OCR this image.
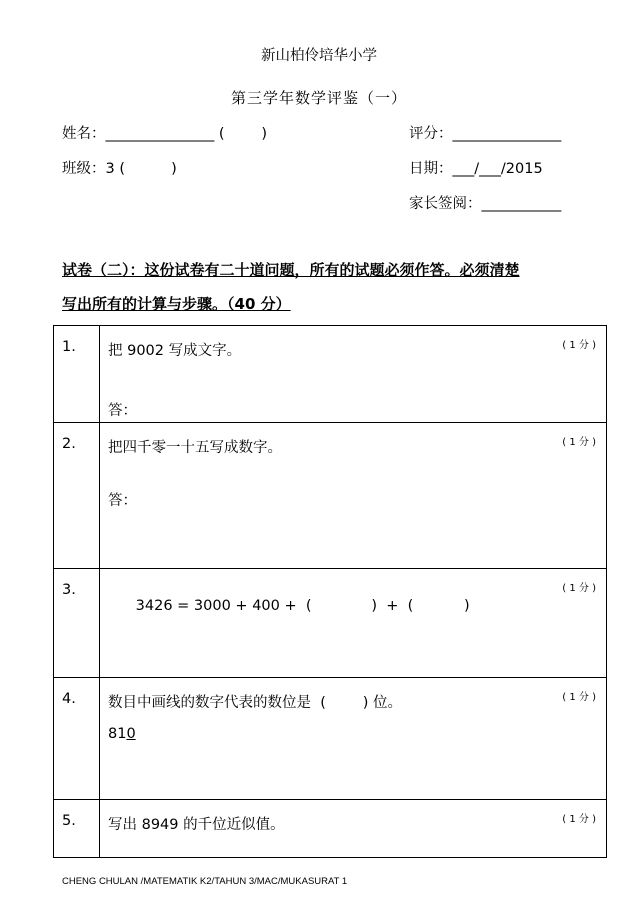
新山柏伶培华小学
第三学年数学评鉴（一）
姓名：_______________ (        )	评分：_______________
班级：3 (          )	日期：___/___/2015
家长签阅：___________
试卷（二）：这份试卷有二十道问题，所有的试题必须作答。必须清楚
写出所有的计算与步骤。（40 分）
1.	把 9002 写成文字。 ( 1 分 )
答：

2.	把四千零一十五写成数字。 ( 1 分 )
答：

3.	3426 = 3000 + 400 +  (             )  +  (           )

( 1 分 )

4.	数目中画线的数字代表的数位是  (        ) 位。 ( 1 分 )
810

5.	写出 8949 的千位近似值。 ( 1 分 )
CHENG CHULAN /MATEMATIK K2/TAHUN 3/MAC/MUKASURAT 1
